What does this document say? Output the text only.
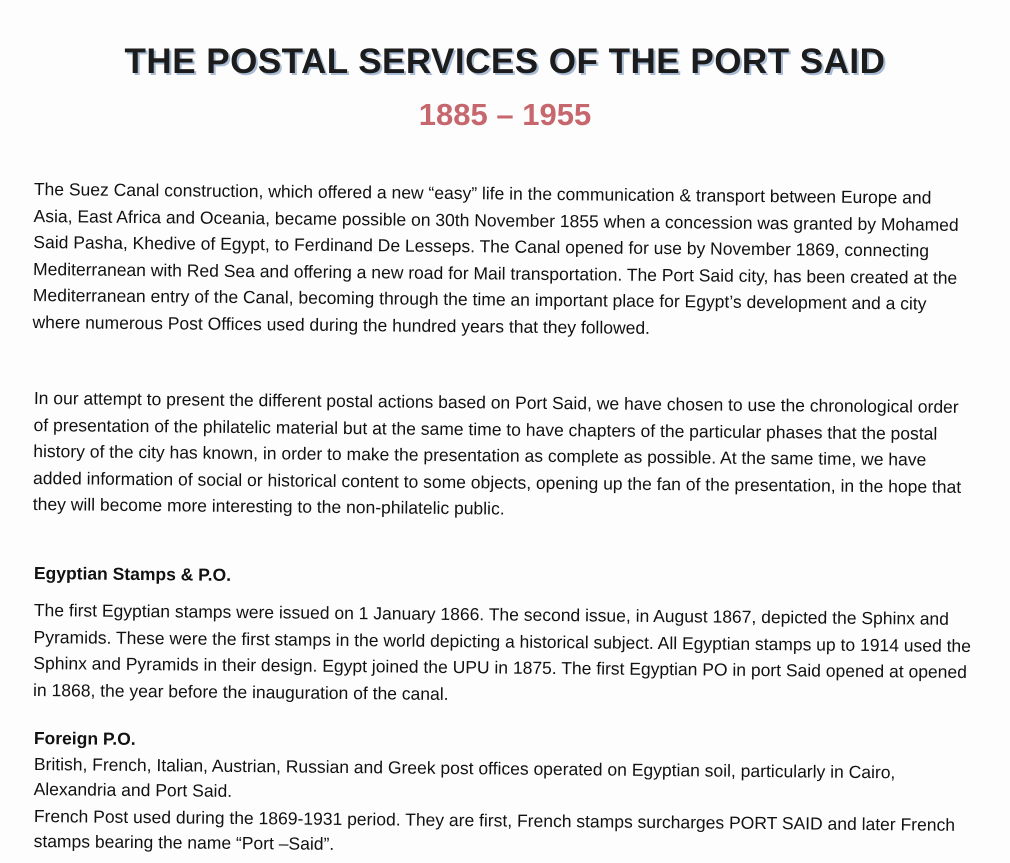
THE POSTAL SERVICES OF THE PORT SAID
1885 – 1955

The Suez Canal construction, which offered a new “easy” life in the communication & transport between Europe and Asia, East Africa and Oceania, became possible on 30th November 1855 when a concession was granted by Mohamed Said Pasha, Khedive of Egypt, to Ferdinand De Lesseps. The Canal opened for use by November 1869, connecting Mediterranean with Red Sea and offering a new road for Mail transportation. The Port Said city, has been created at the Mediterranean entry of the Canal, becoming through the time an important place for Egypt’s development and a city where numerous Post Offices used during the hundred years that they followed.

In our attempt to present the different postal actions based on Port Said, we have chosen to use the chronological order of presentation of the philatelic material but at the same time to have chapters of the particular phases that the postal history of the city has known, in order to make the presentation as complete as possible. At the same time, we have added information of social or historical content to some objects, opening up the fan of the presentation, in the hope that they will become more interesting to the non-philatelic public.

Egyptian Stamps & P.O.

The first Egyptian stamps were issued on 1 January 1866. The second issue, in August 1867, depicted the Sphinx and Pyramids. These were the first stamps in the world depicting a historical subject. All Egyptian stamps up to 1914 used the Sphinx and Pyramids in their design. Egypt joined the UPU in 1875. The first Egyptian PO in port Said opened at opened in 1868, the year before the inauguration of the canal.

Foreign P.O.

British, French, Italian, Austrian, Russian and Greek post offices operated on Egyptian soil, particularly in Cairo, Alexandria and Port Said.

French Post used during the 1869-1931 period. They are first, French stamps surcharges PORT SAID and later French stamps bearing the name “Port –Said”.
